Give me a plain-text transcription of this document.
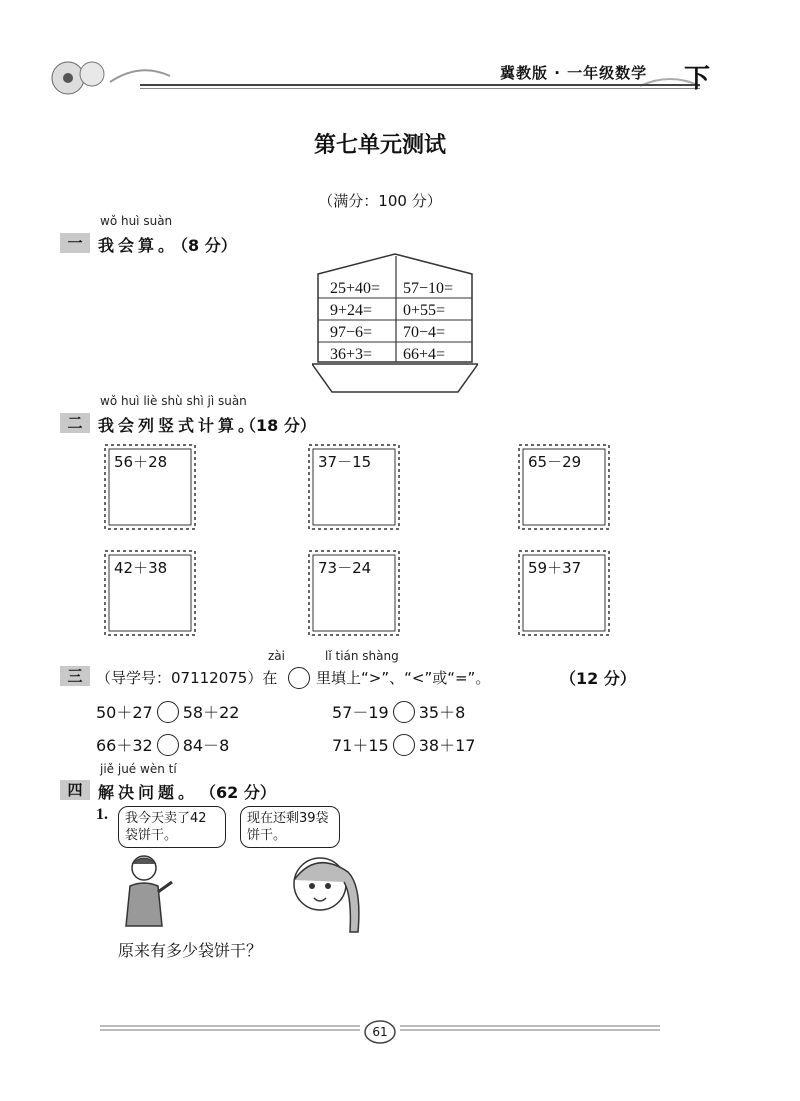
冀教版 · 一年级数学 下
第七单元测试
（满分：100 分）
wǒ huì suàn
一 我会算。
（8 分）
25+40= 57−10=
9+24= 0+55=
97−6= 70−4=
36+3= 66+4=
wǒ huì liè shù shì jì suàn
二 我会列竖式计算。
（18 分）
56＋28	37－15	65－29
42＋38	73－24	59＋37
zài	lǐ tián shàng
三 （导学号：07112075）在	里填上“>”、“<”或“=”。	（12 分）
50＋27 58＋22	57－19 35＋8
66＋32 84－8	71＋15 38＋17
jiě jué wèn tí
四 解决问题。 （62 分）
1.	我今天卖了42袋饼干。
现在还剩39袋饼干。
原来有多少袋饼干？
61
